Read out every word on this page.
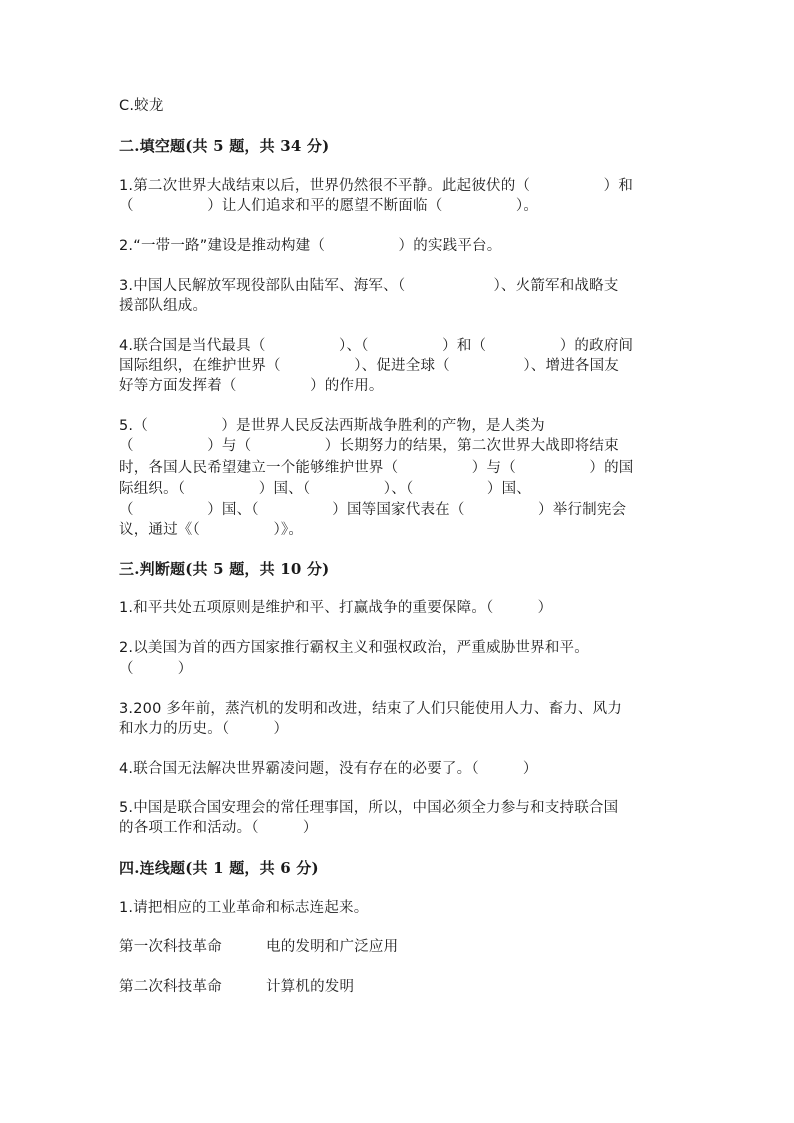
C.蛟龙
二.填空题(共 5 题，共 34 分)
1.第二次世界大战结束以后，世界仍然很不平静。此起彼伏的（　　　　　）和
（　　　　　）让人们追求和平的愿望不断面临（　　　　　）。
2.“一带一路”建设是推动构建（　　　　　）的实践平台。
3.中国人民解放军现役部队由陆军、海军、（　　　　　　）、火箭军和战略支
援部队组成。
4.联合国是当代最具（　　　　　）、（　　　　　）和（　　　　　）的政府间
国际组织，在维护世界（　　　　　）、促进全球（　　　　　）、增进各国友
好等方面发挥着（　　　　　）的作用。
5.（　　　　　）是世界人民反法西斯战争胜利的产物，是人类为
（　　　　　）与（　　　　　）长期努力的结果，第二次世界大战即将结束
时，各国人民希望建立一个能够维护世界（　　　　　）与（　　　　　）的国
际组织。（　　　　　）国、（　　　　　）、（　　　　　）国、
（　　　　　）国、（　　　　　）国等国家代表在（　　　　　）举行制宪会
议，通过《（　　　　　）》。
三.判断题(共 5 题，共 10 分)
1.和平共处五项原则是维护和平、打赢战争的重要保障。（　　　）
2.以美国为首的西方国家推行霸权主义和强权政治，严重威胁世界和平。
（　　　）
3.200 多年前，蒸汽机的发明和改进，结束了人们只能使用人力、畜力、风力
和水力的历史。（　　　）
4.联合国无法解决世界霸凌问题，没有存在的必要了。（　　　）
5.中国是联合国安理会的常任理事国，所以，中国必须全力参与和支持联合国
的各项工作和活动。（　　　）
四.连线题(共 1 题，共 6 分)
1.请把相应的工业革命和标志连起来。
第一次科技革命　　　电的发明和广泛应用
第二次科技革命　　　计算机的发明
